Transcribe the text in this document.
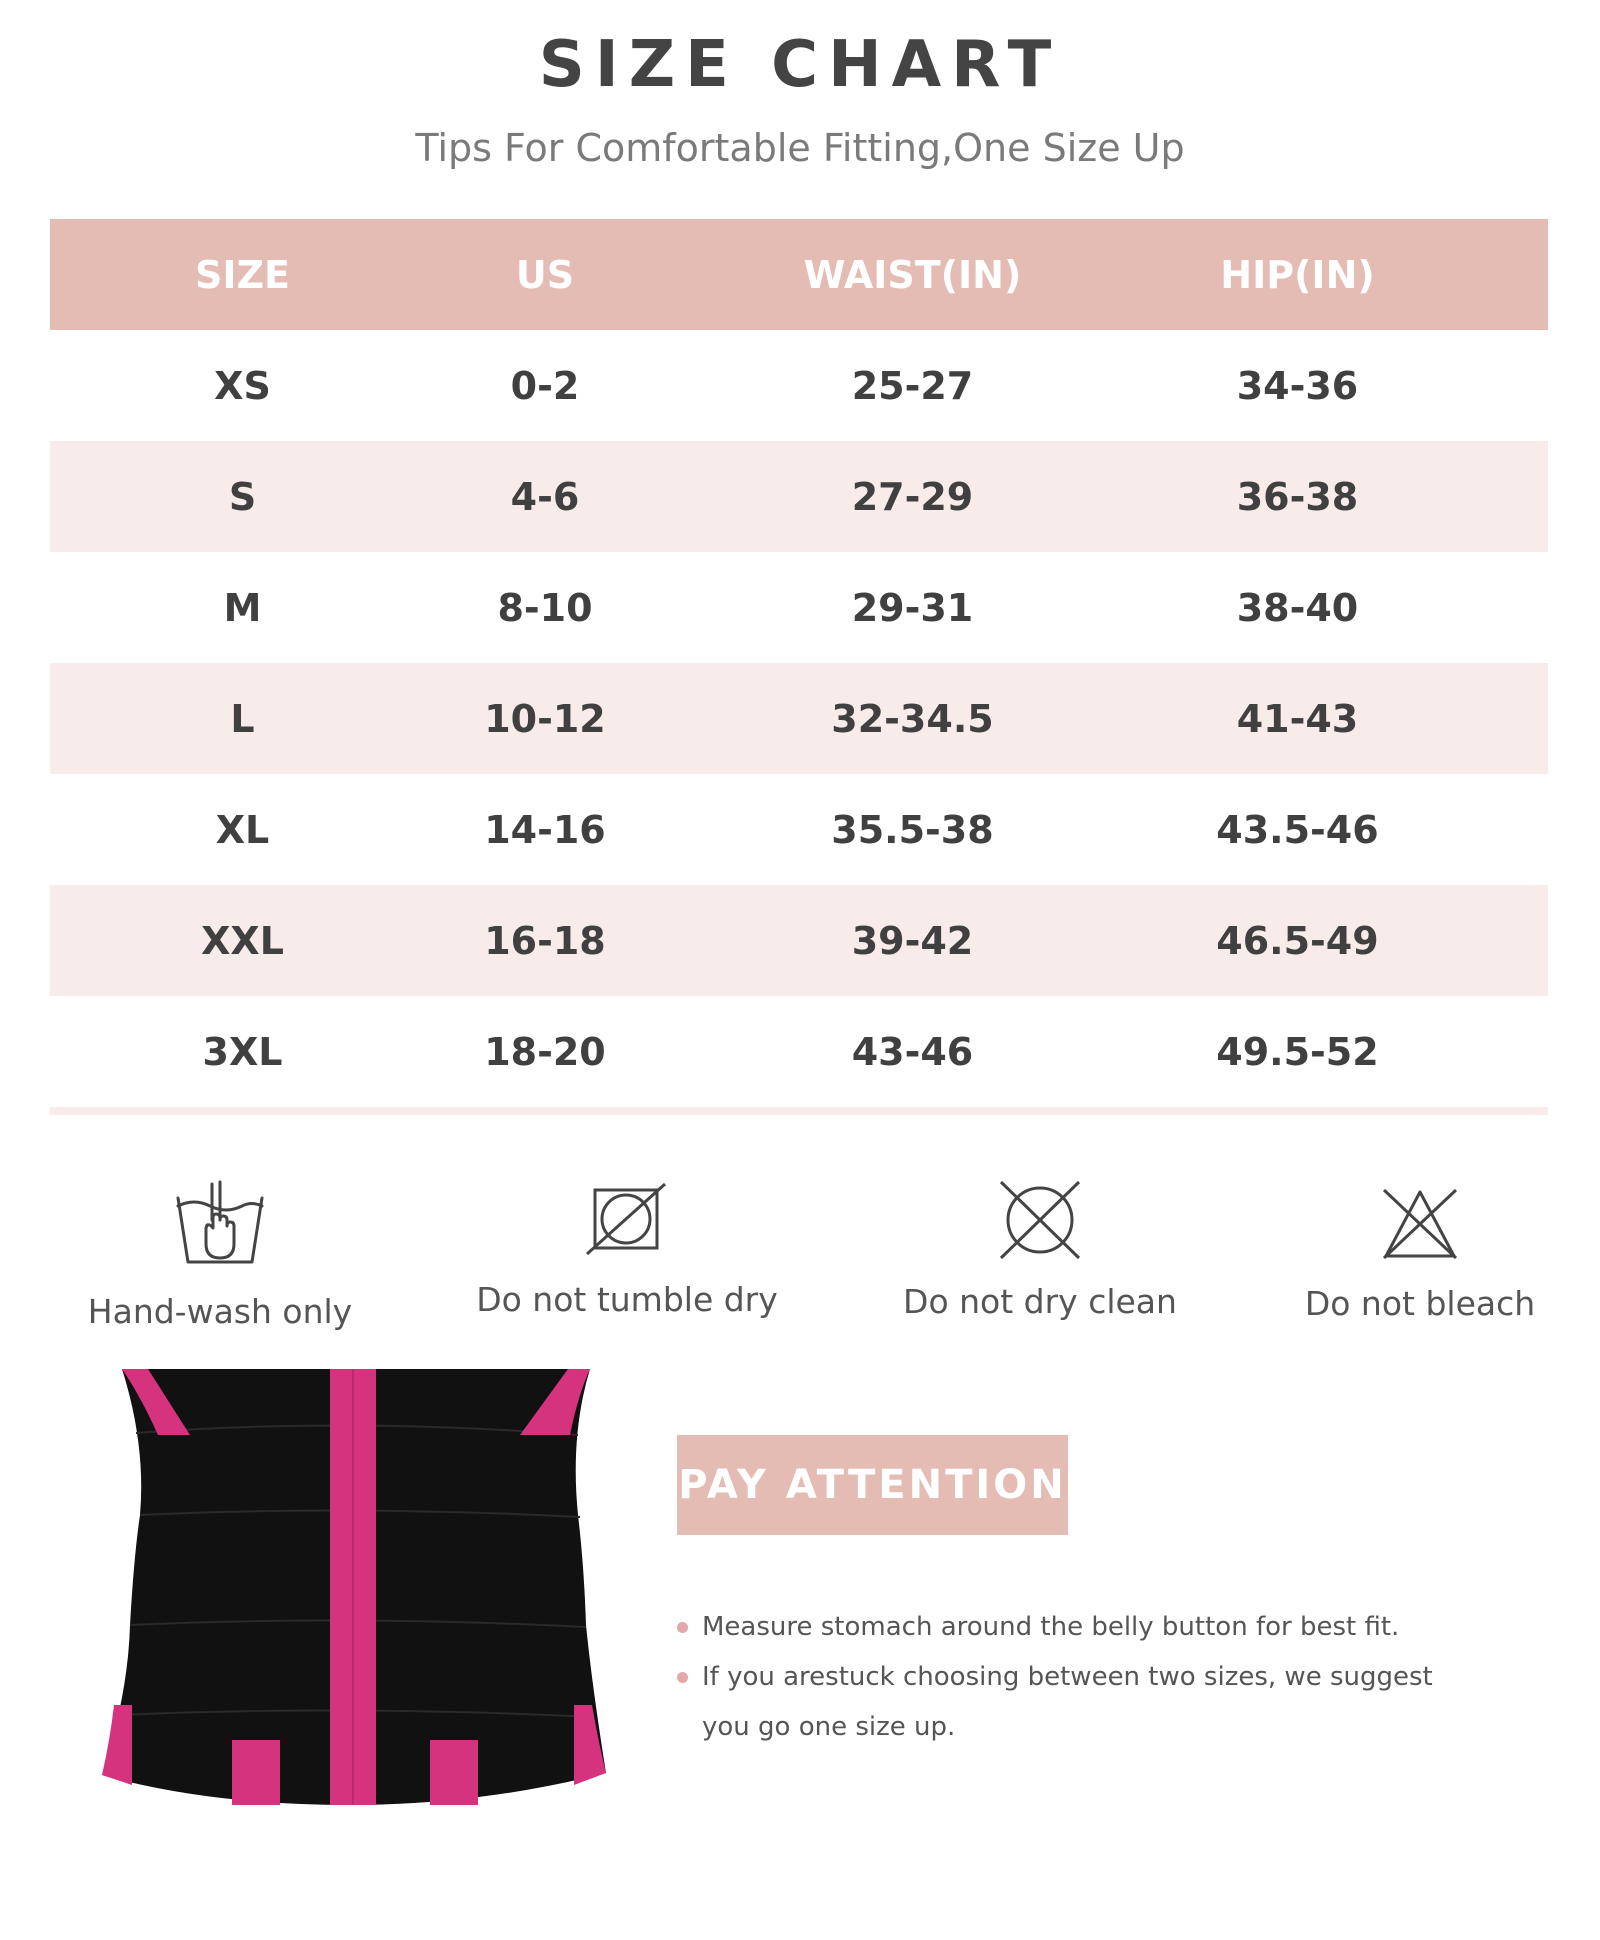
SIZE CHART
Tips For Comfortable Fitting,One Size Up
SIZE	US	WAIST(IN)	HIP(IN)
XS	0-2	25-27	34-36
S	4-6	27-29	36-38
M	8-10	29-31	38-40
L	10-12	32-34.5	41-43
XL	14-16	35.5-38	43.5-46
XXL	16-18	39-42	46.5-49
3XL	18-20	43-46	49.5-52
Hand-wash only	Do not tumble dry	Do not dry clean	Do not bleach
PAY ATTENTION
Measure stomach around the belly button for best fit.
If you arestuck choosing between two sizes, we suggest you go one size up.
